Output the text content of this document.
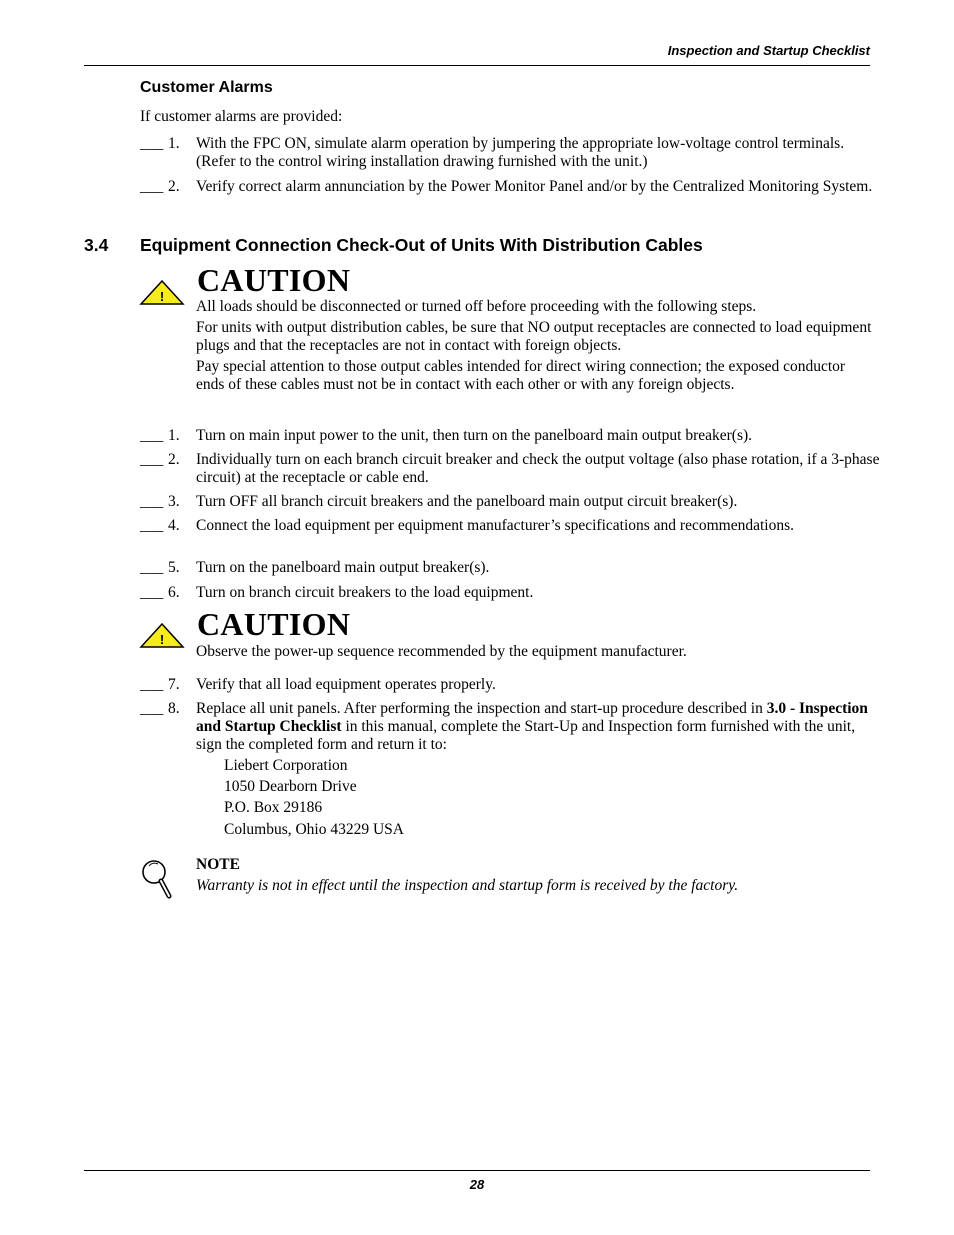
Inspection and Startup Checklist
Customer Alarms
If customer alarms are provided:
___ 1. With the FPC ON, simulate alarm operation by jumpering the appropriate low-voltage control terminals. (Refer to the control wiring installation drawing furnished with the unit.)
___ 2. Verify correct alarm annunciation by the Power Monitor Panel and/or by the Centralized Monitoring System.
3.4 Equipment Connection Check-Out of Units With Distribution Cables
! CAUTION
All loads should be disconnected or turned off before proceeding with the following steps.
For units with output distribution cables, be sure that NO output receptacles are connected to load equipment plugs and that the receptacles are not in contact with foreign objects.
Pay special attention to those output cables intended for direct wiring connection; the exposed conductor ends of these cables must not be in contact with each other or with any foreign objects.
___ 1. Turn on main input power to the unit, then turn on the panelboard main output breaker(s).
___ 2. Individually turn on each branch circuit breaker and check the output voltage (also phase rotation, if a 3-phase circuit) at the receptacle or cable end.
___ 3. Turn OFF all branch circuit breakers and the panelboard main output circuit breaker(s).
___ 4. Connect the load equipment per equipment manufacturer’s specifications and recommendations.
___ 5. Turn on the panelboard main output breaker(s).
___ 6. Turn on branch circuit breakers to the load equipment.
! CAUTION
Observe the power-up sequence recommended by the equipment manufacturer.
___ 7. Verify that all load equipment operates properly.
___ 8. Replace all unit panels. After performing the inspection and start-up procedure described in 3.0 - Inspection and Startup Checklist in this manual, complete the Start-Up and Inspection form furnished with the unit, sign the completed form and return it to:
Liebert Corporation
1050 Dearborn Drive
P.O. Box 29186
Columbus, Ohio 43229 USA
NOTE
Warranty is not in effect until the inspection and startup form is received by the factory.
28
